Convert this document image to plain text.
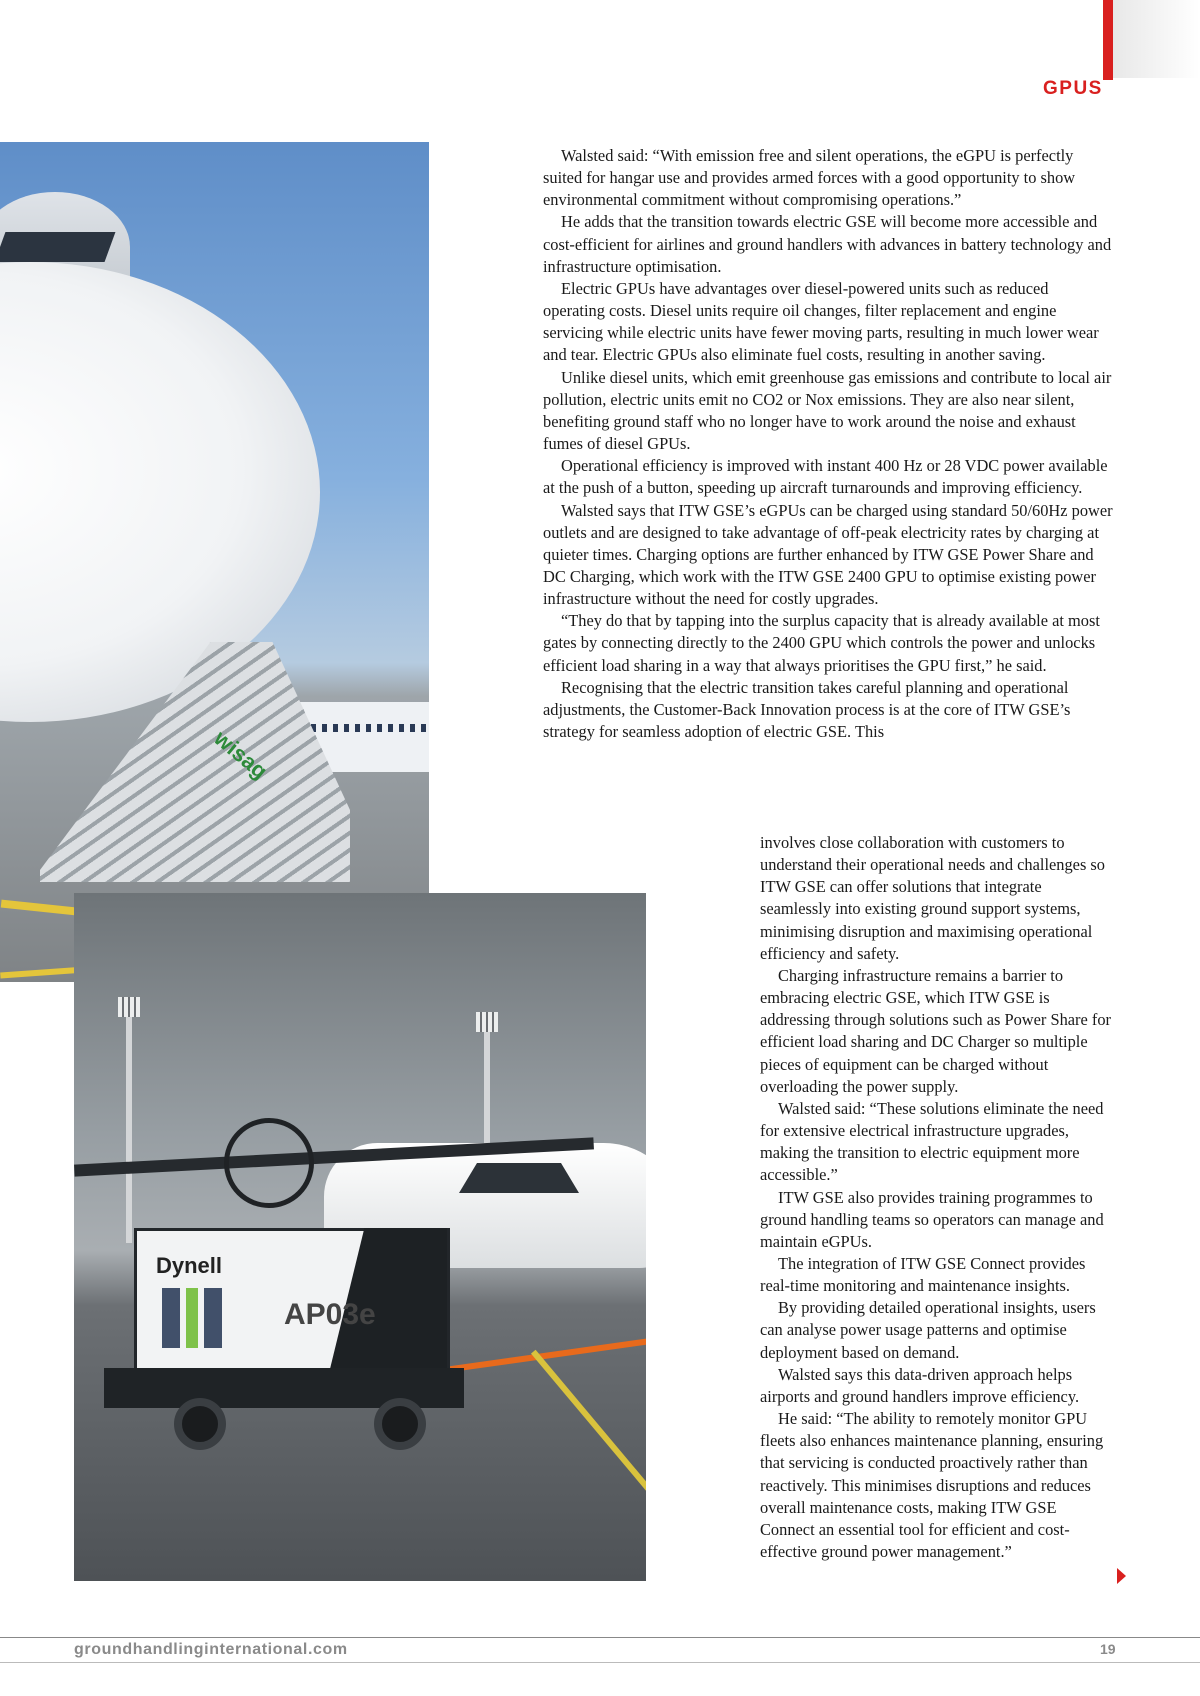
GPUS
wisag
Dynell
AP03e

Walsted said: “With emission free and silent operations, the eGPU is perfectly suited for hangar use and provides armed forces with a good opportunity to show environmental commitment without compromising operations.”

He adds that the transition towards electric GSE will become more accessible and cost-efficient for airlines and ground handlers with advances in battery technology and infrastructure optimisation.

Electric GPUs have advantages over diesel-powered units such as reduced operating costs. Diesel units require oil changes, filter replacement and engine servicing while electric units have fewer moving parts, resulting in much lower wear and tear. Electric GPUs also eliminate fuel costs, resulting in another saving.

Unlike diesel units, which emit greenhouse gas emissions and contribute to local air pollution, electric units emit no CO2 or Nox emissions. They are also near silent, benefiting ground staff who no longer have to work around the noise and exhaust fumes of diesel GPUs.

Operational efficiency is improved with instant 400 Hz or 28 VDC power available at the push of a button, speeding up aircraft turnarounds and improving efficiency.

Walsted says that ITW GSE’s eGPUs can be charged using standard 50/60Hz power outlets and are designed to take advantage of off-peak electricity rates by charging at quieter times. Charging options are further enhanced by ITW GSE Power Share and DC Charging, which work with the ITW GSE 2400 GPU to optimise existing power infrastructure without the need for costly upgrades.

“They do that by tapping into the surplus capacity that is already available at most gates by connecting directly to the 2400 GPU which controls the power and unlocks efficient load sharing in a way that always prioritises the GPU first,” he said.

Recognising that the electric transition takes careful planning and operational adjustments, the Customer-Back Innovation process is at the core of ITW GSE’s strategy for seamless adoption of electric GSE. This

involves close collaboration with customers to understand their operational needs and challenges so ITW GSE can offer solutions that integrate seamlessly into existing ground support systems, minimising disruption and maximising operational efficiency and safety.

Charging infrastructure remains a barrier to embracing electric GSE, which ITW GSE is addressing through solutions such as Power Share for efficient load sharing and DC Charger so multiple pieces of equipment can be charged without overloading the power supply.

Walsted said: “These solutions eliminate the need for extensive electrical infrastructure upgrades, making the transition to electric equipment more accessible.”

ITW GSE also provides training programmes to ground handling teams so operators can manage and maintain eGPUs.

The integration of ITW GSE Connect provides real-time monitoring and maintenance insights.

By providing detailed operational insights, users can analyse power usage patterns and optimise deployment based on demand.

Walsted says this data-driven approach helps airports and ground handlers improve efficiency.

He said: “The ability to remotely monitor GPU fleets also enhances maintenance planning, ensuring that servicing is conducted proactively rather than reactively. This minimises disruptions and reduces overall maintenance costs, making ITW GSE Connect an essential tool for efficient and cost-effective ground power management.”

groundhandlinginternational.com	19
